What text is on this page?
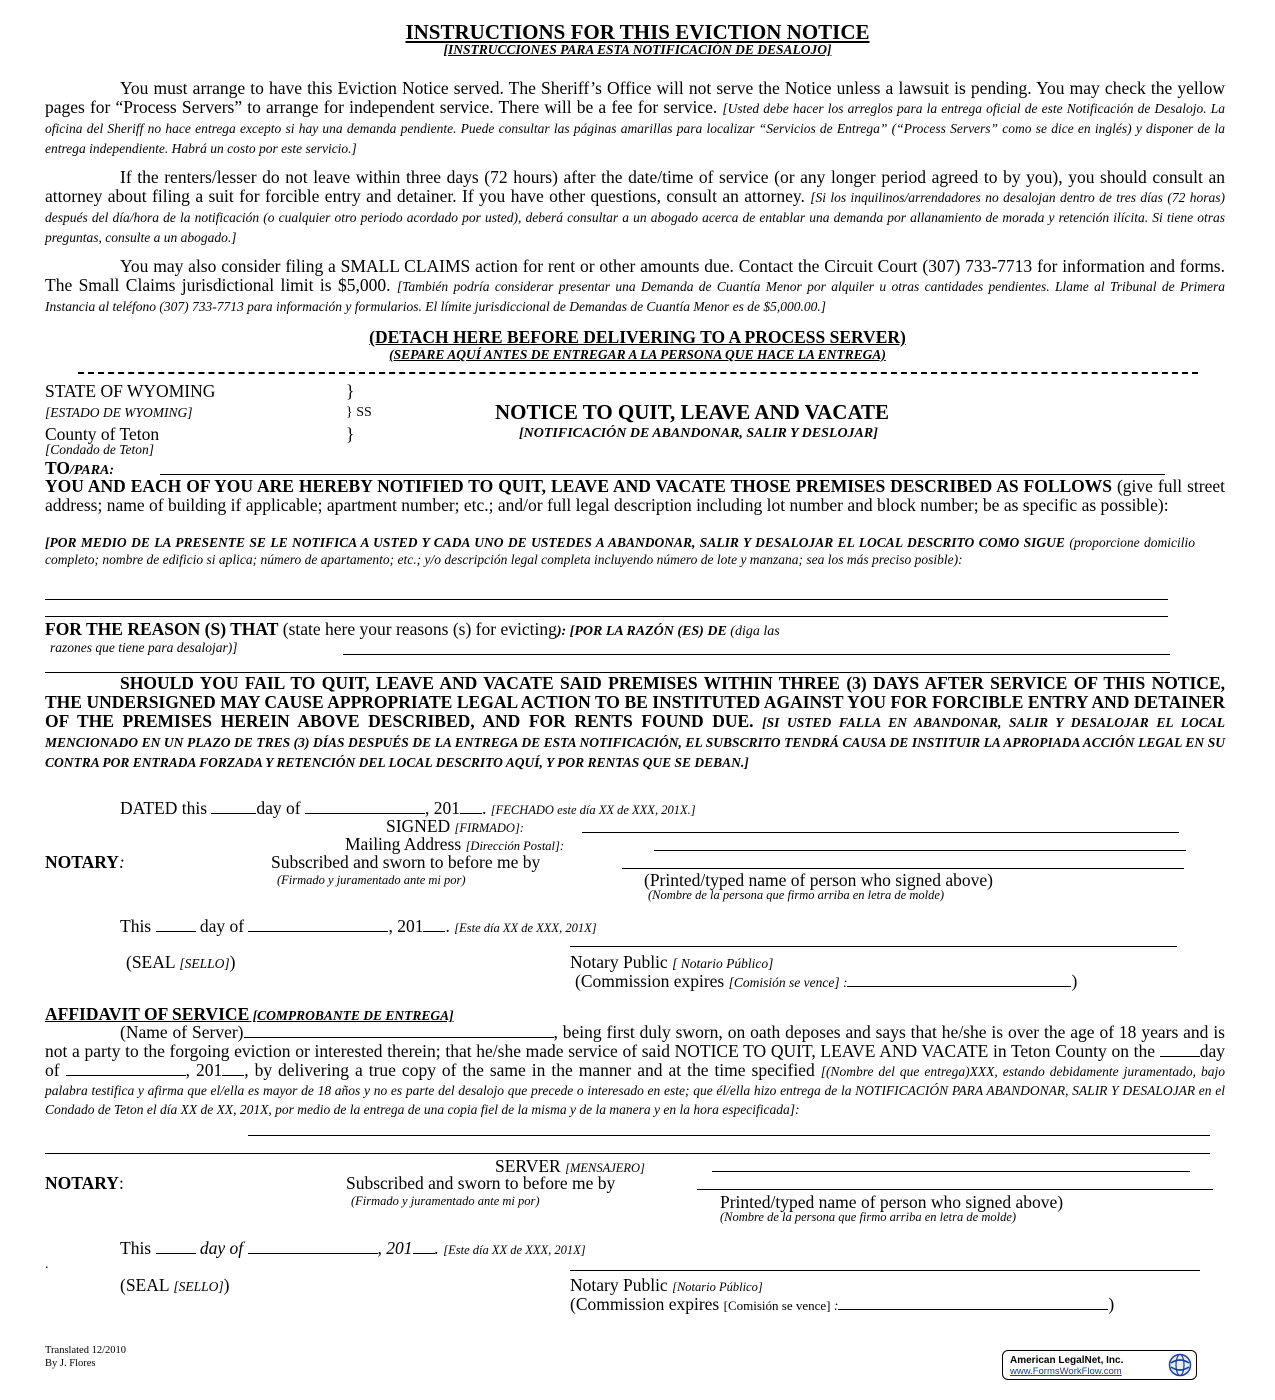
INSTRUCTIONS FOR THIS EVICTION NOTICE
[INSTRUCCIONES PARA ESTA NOTIFICACIÓN DE DESALOJO]
You must arrange to have this Eviction Notice served. The Sheriff’s Office will not serve the Notice unless a lawsuit is pending. You may check the yellow pages for “Process Servers” to arrange for independent service. There will be a fee for service. [Usted debe hacer los arreglos para la entrega oficial de este Notificación de Desalojo. La oficina del Sheriff no hace entrega excepto si hay una demanda pendiente. Puede consultar las páginas amarillas para localizar “Servicios de Entrega” (“Process Servers” como se dice en inglés) y disponer de la entrega independiente. Habrá un costo por este servicio.]
If the renters/lesser do not leave within three days (72 hours) after the date/time of service (or any longer period agreed to by you), you should consult an attorney about filing a suit for forcible entry and detainer. If you have other questions, consult an attorney. [Si los inquilinos/arrendadores no desalojan dentro de tres días (72 horas) después del día/hora de la notificación (o cualquier otro periodo acordado por usted), deberá consultar a un abogado acerca de entablar una demanda por allanamiento de morada y retención ilícita. Si tiene otras preguntas, consulte a un abogado.]
You may also consider filing a SMALL CLAIMS action for rent or other amounts due. Contact the Circuit Court (307) 733-7713 for information and forms. The Small Claims jurisdictional limit is $5,000. [También podría considerar presentar una Demanda de Cuantía Menor por alquiler u otras cantidades pendientes. Llame al Tribunal de Primera Instancia al teléfono (307) 733-7713 para información y formularios. El límite jurisdiccional de Demandas de Cuantía Menor es de $5,000.00.]
(DETACH HERE BEFORE DELIVERING TO A PROCESS SERVER)
(SEPARE AQUÍ ANTES DE ENTREGAR A LA PERSONA QUE HACE LA ENTREGA)
STATE OF WYOMING
[ESTADO DE WYOMING]
County of Teton
[Condado de Teton]
}
} SS
}
NOTICE TO QUIT, LEAVE AND VACATE
[NOTIFICACIÓN DE ABANDONAR, SALIR Y DESLOJAR]
TO/PARA:
YOU AND EACH OF YOU ARE HEREBY NOTIFIED TO QUIT, LEAVE AND VACATE THOSE PREMISES DESCRIBED AS FOLLOWS (give full street address; name of building if applicable; apartment number; etc.; and/or full legal description including lot number and block number; be as specific as possible):
[POR MEDIO DE LA PRESENTE SE LE NOTIFICA A USTED Y CADA UNO DE USTEDES A ABANDONAR, SALIR Y DESALOJAR EL LOCAL DESCRITO COMO SIGUE (proporcione domicilio completo; nombre de edificio si aplica; número de apartamento; etc.; y/o descripción legal completa incluyendo número de lote y manzana; sea los más preciso posible):
FOR THE REASON (S) THAT (state here your reasons (s) for evicting): [POR LA RAZÓN (ES) DE (diga las
razones que tiene para desalojar)]
SHOULD YOU FAIL TO QUIT, LEAVE AND VACATE SAID PREMISES WITHIN THREE (3) DAYS AFTER SERVICE OF THIS NOTICE, THE UNDERSIGNED MAY CAUSE APPROPRIATE LEGAL ACTION TO BE INSTITUTED AGAINST YOU FOR FORCIBLE ENTRY AND DETAINER OF THE PREMISES HEREIN ABOVE DESCRIBED, AND FOR RENTS FOUND DUE. [SI USTED FALLA EN ABANDONAR, SALIR Y DESALOJAR EL LOCAL MENCIONADO EN UN PLAZO DE TRES (3) DÍAS DESPUÉS DE LA ENTREGA DE ESTA NOTIFICACIÓN, EL SUBSCRITO TENDRÁ CAUSA DE INSTITUIR LA APROPIADA ACCIÓN LEGAL EN SU CONTRA POR ENTRADA FORZADA Y RETENCIÓN DEL LOCAL DESCRITO AQUÍ, Y POR RENTAS QUE SE DEBAN.]
DATED this	day of	, 201 . [FECHADO este día XX de XXX, 201X.]
SIGNED [FIRMADO]:
Mailing Address [Dirección Postal]:
NOTARY:	Subscribed and sworn to before me by
(Firmado y juramentado ante mi por)	(Printed/typed name of person who signed above)
(Nombre de la persona que firmo arriba en letra de molde)
This  day of	, 201 . [Este día XX de XXX, 201X]
(SEAL [SELLO])	Notary Public [ Notario Público]
(Commission expires [Comisión se vence] :	)
AFFIDAVIT OF SERVICE [COMPROBANTE DE ENTREGA]
(Name of Server)	, being first duly sworn, on oath deposes and says that he/she is over the age of 18 years and is not a party to the forgoing eviction or interested therein; that he/she made service of said NOTICE TO QUIT, LEAVE AND VACATE in Teton County on the day of	, 201 , by delivering a true copy of the same in the manner and at the time specified [(Nombre del que entrega)XXX, estando debidamente juramentado, bajo palabra testifica y afirma que el/ella es mayor de 18 años y no es parte del desalojo que precede o interesado en este; que él/ella hizo entrega de la NOTIFICACIÓN PARA ABANDONAR, SALIR Y DESALOJAR en el Condado de Teton el día XX de XX, 201X, por medio de la entrega de una copia fiel de la misma y de la manera y en la hora especificada]:
SERVER [MENSAJERO]
NOTARY:	Subscribed and sworn to before me by
(Firmado y juramentado ante mi por)	Printed/typed name of person who signed above)
(Nombre de la persona que firmo arriba en letra de molde)
This  day of	, 201 . [Este día XX de XXX, 201X]
.
(SEAL [SELLO])	Notary Public [Notario Público]
(Commission expires [Comisión se vence] :	)
Translated 12/2010
By J. Flores	American LegalNet, Inc.
www.FormsWorkFlow.com
